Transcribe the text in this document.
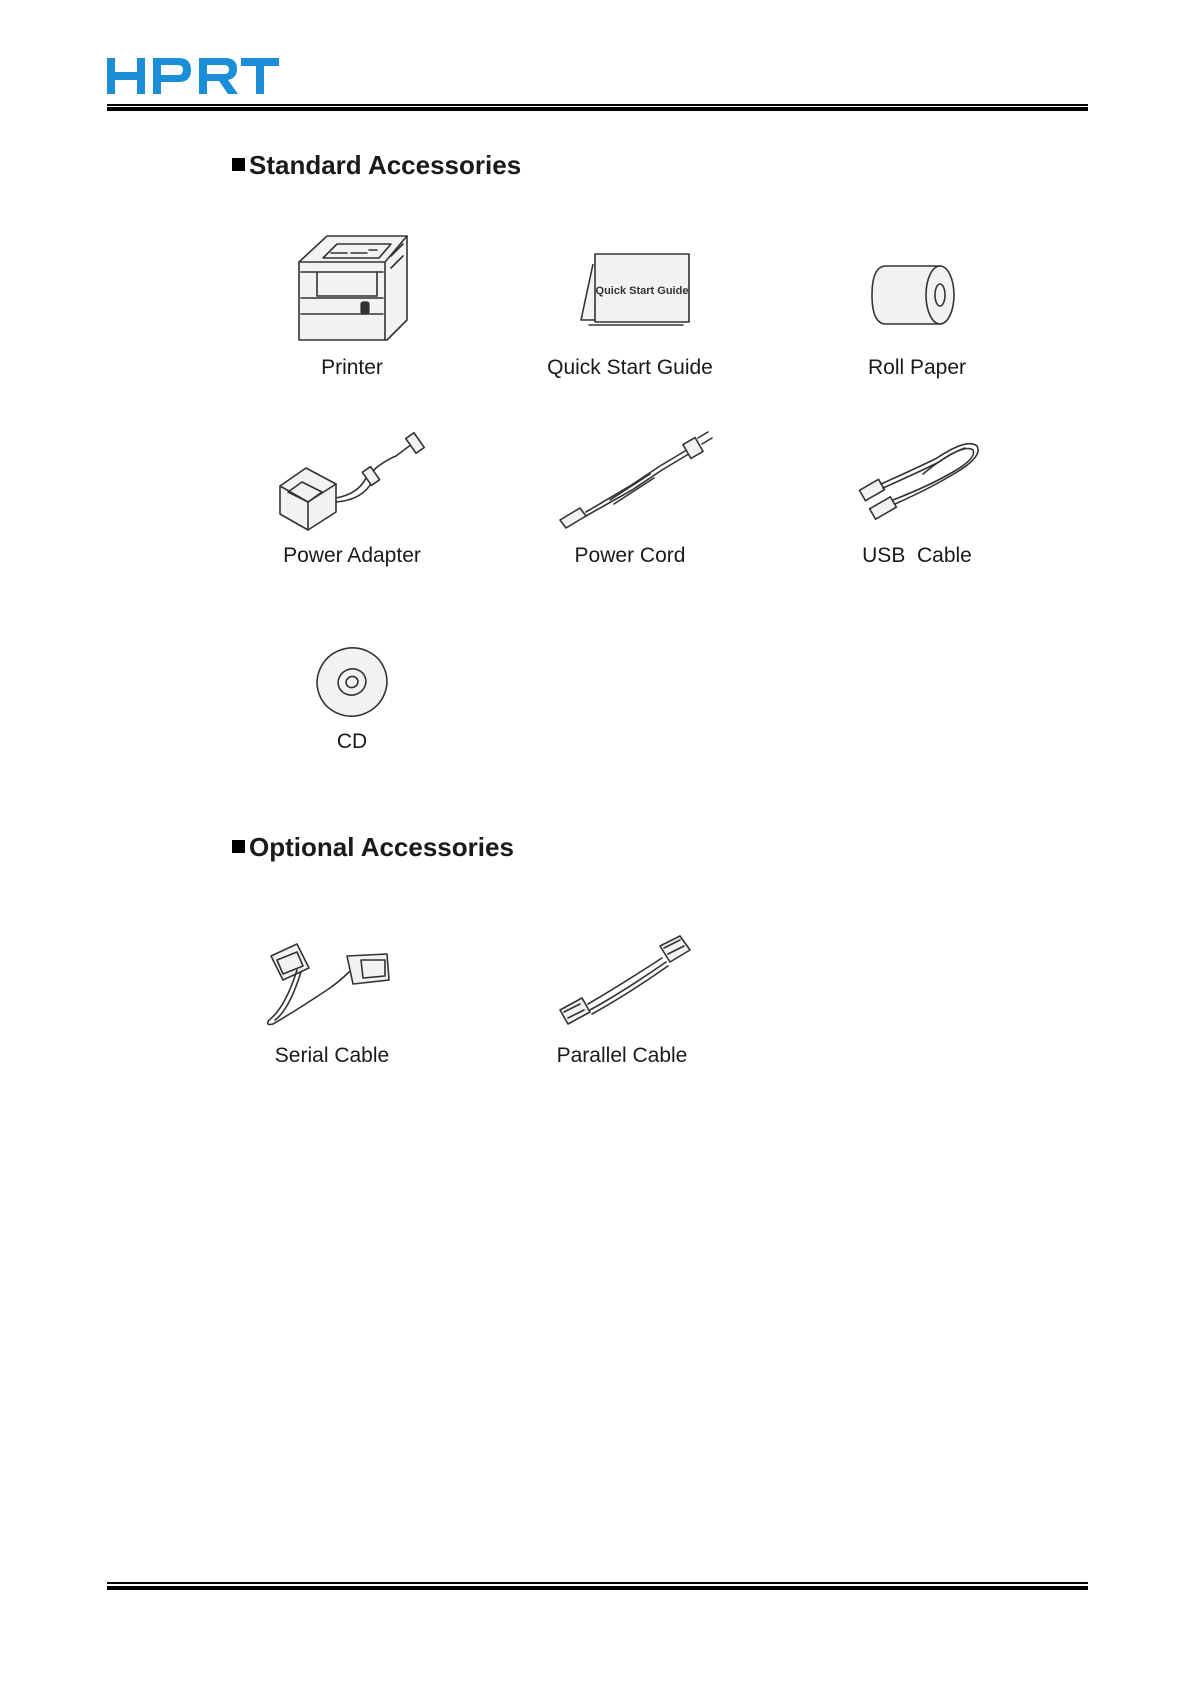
Standard Accessories
Printer
Quick Start Guide
Quick Start Guide	Roll Paper
Power Adapter	Power Cord	USB  Cable
CD
Optional Accessories
Serial Cable	Parallel Cable
